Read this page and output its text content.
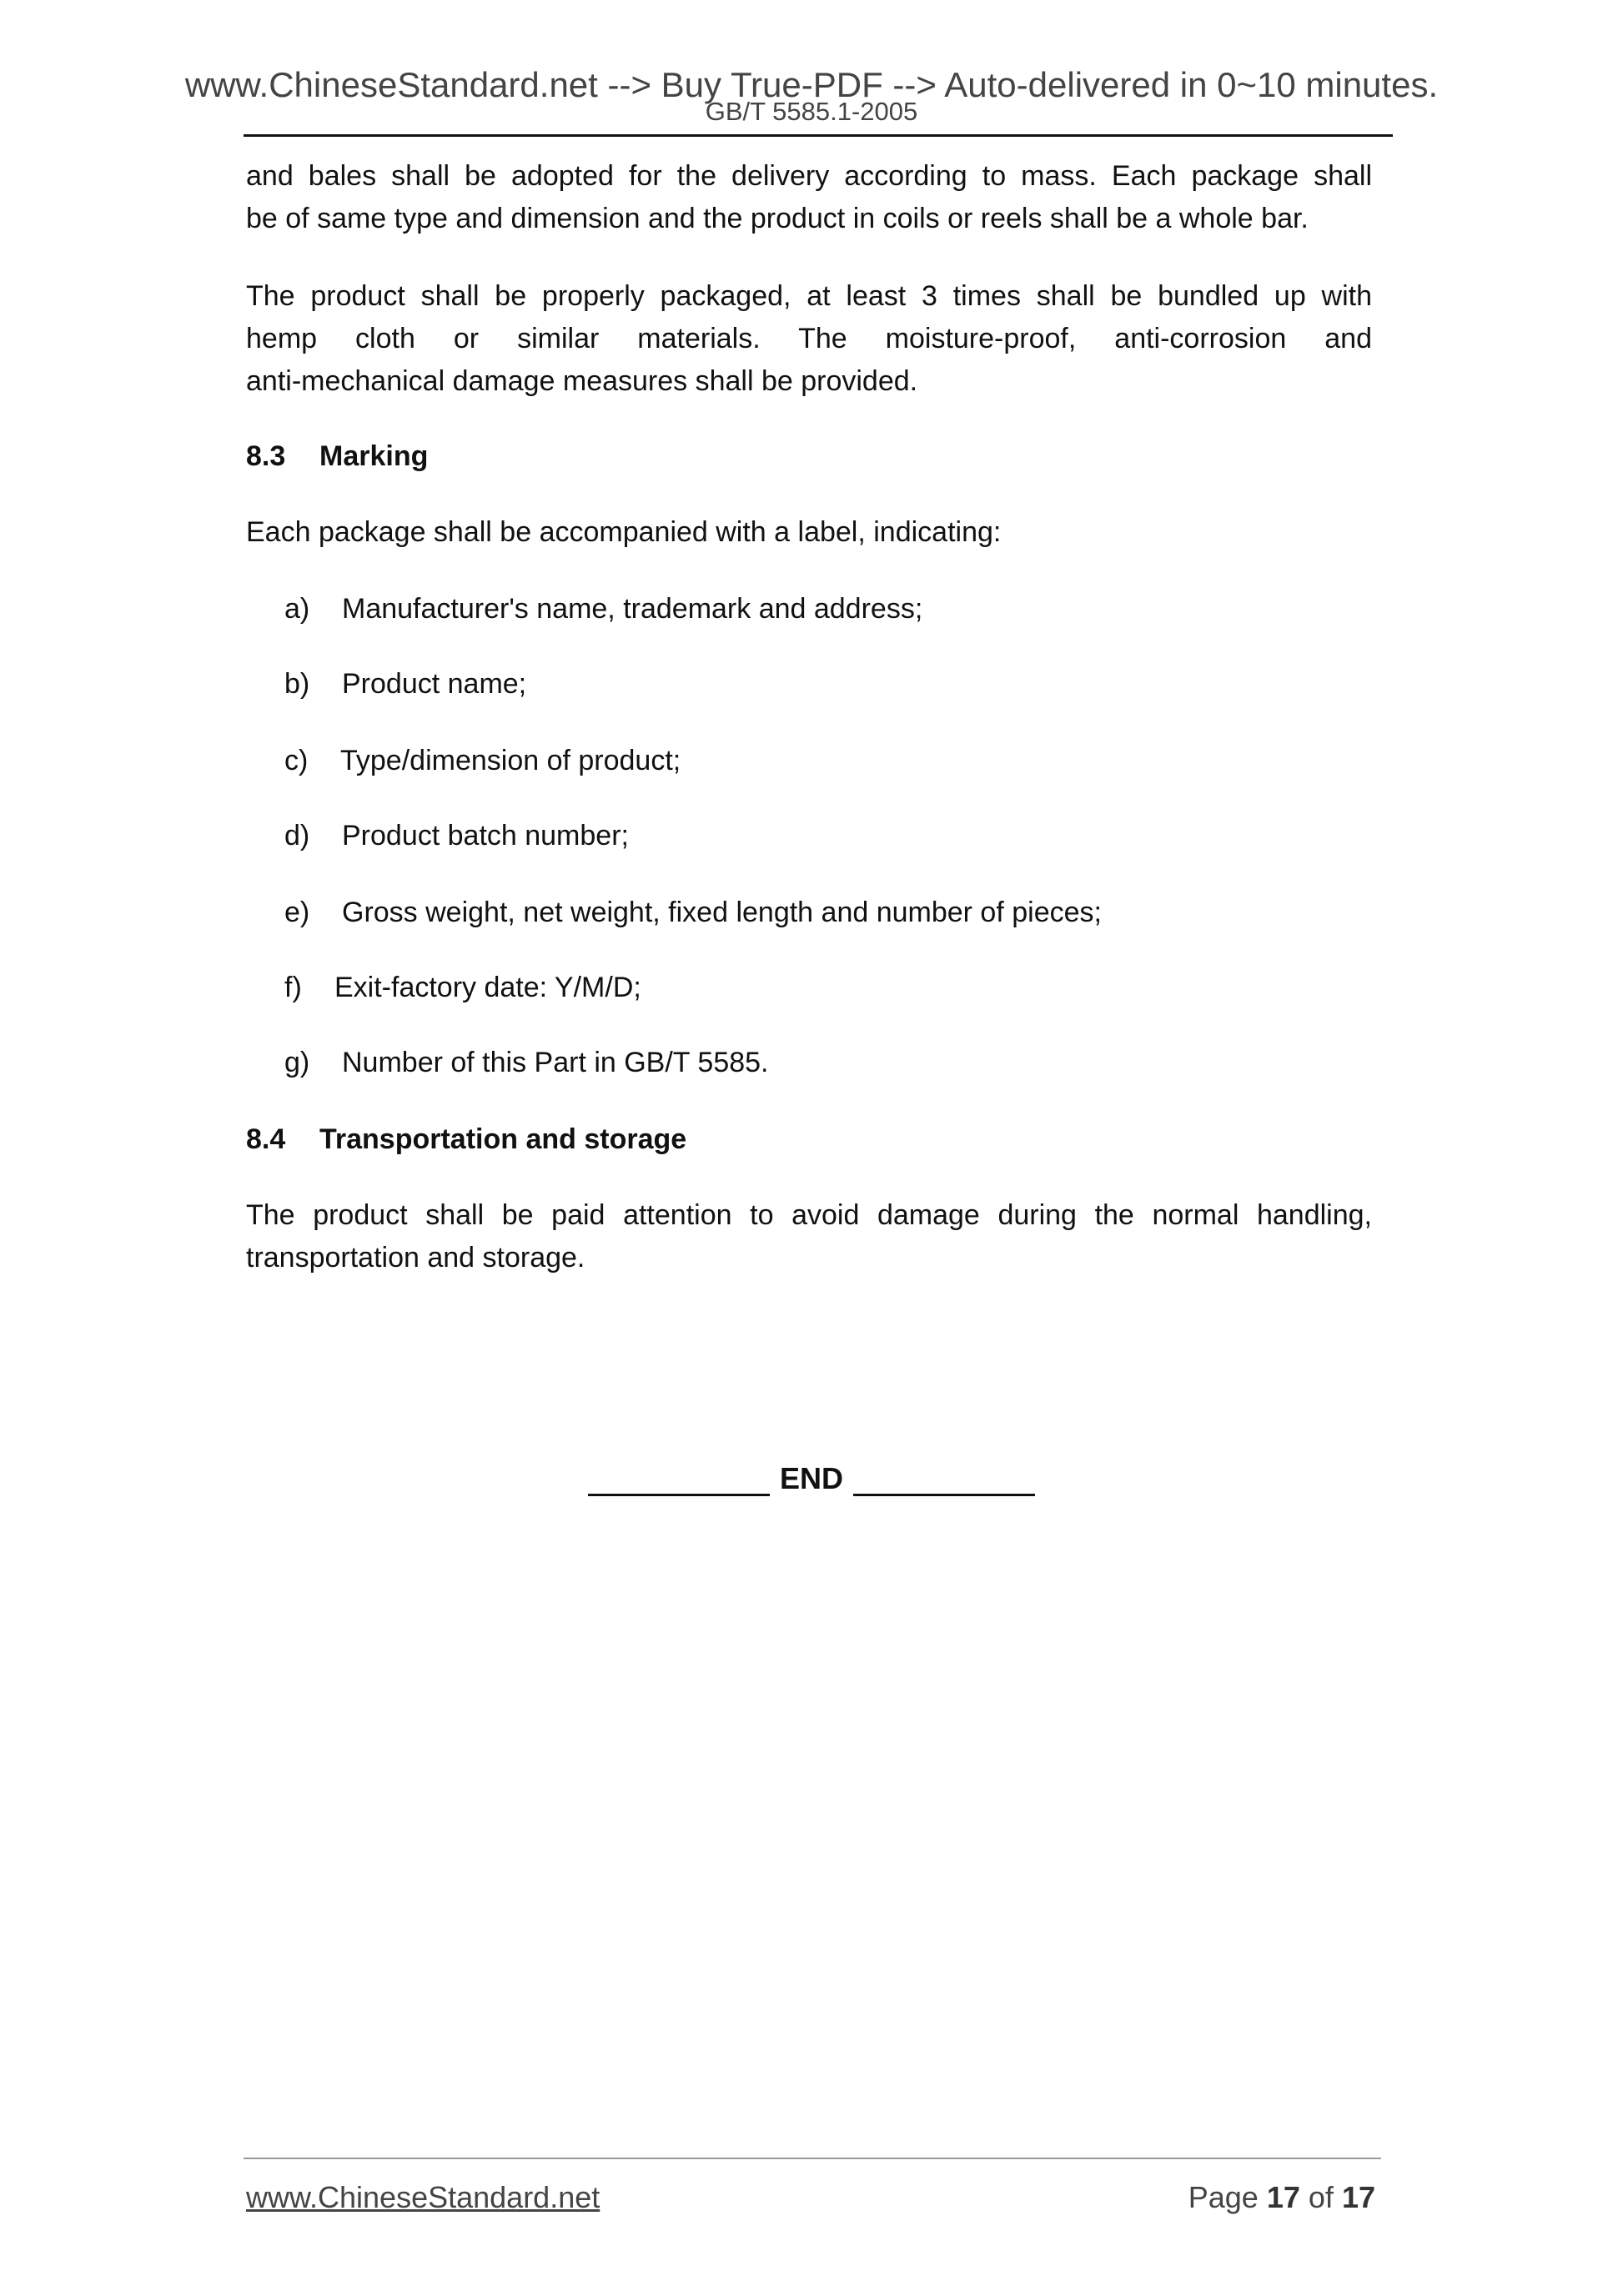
www.ChineseStandard.net --> Buy True-PDF --> Auto-delivered in 0~10 minutes.
GB/T 5585.1-2005
and bales shall be adopted for the delivery according to mass. Each package shall
be of same type and dimension and the product in coils or reels shall be a whole bar.
The product shall be properly packaged, at least 3 times shall be bundled up with
hemp cloth or similar materials. The moisture-proof, anti-corrosion and
anti-mechanical damage measures shall be provided.
8.3 Marking
Each package shall be accompanied with a label, indicating:
a) Manufacturer's name, trademark and address;
b) Product name;
c) Type/dimension of product;
d) Product batch number;
e) Gross weight, net weight, fixed length and number of pieces;
f) Exit-factory date: Y/M/D;
g) Number of this Part in GB/T 5585.
8.4 Transportation and storage
The product shall be paid attention to avoid damage during the normal handling,
transportation and storage.
END
www.ChineseStandard.net	Page 17 of 17
